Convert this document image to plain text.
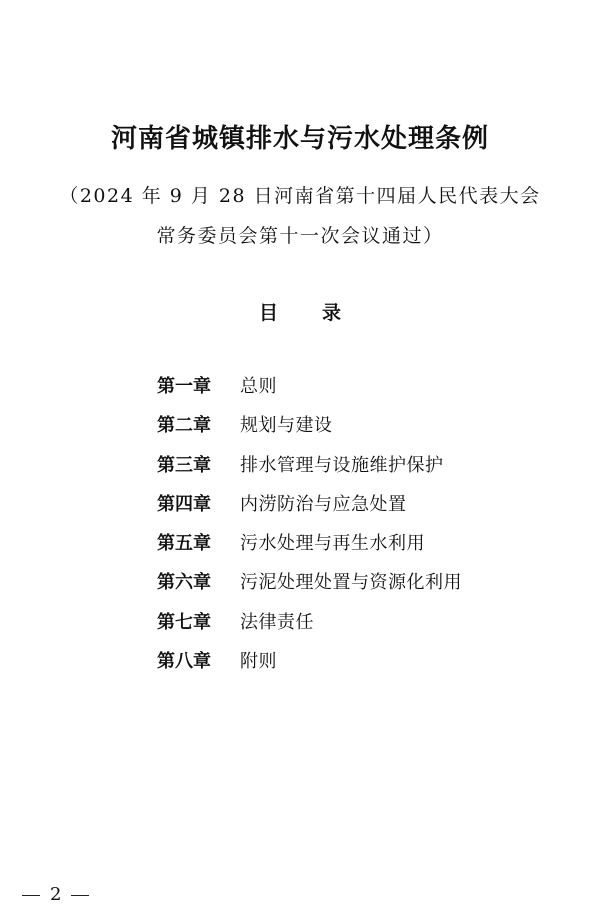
河南省城镇排水与污水处理条例

（2024 年 9 月 28 日河南省第十四届人民代表大会

常务委员会第十一次会议通过）

目 录
第一章 总则
第二章 规划与建设
第三章 排水管理与设施维护保护
第四章 内涝防治与应急处置
第五章 污水处理与再生水利用
第六章 污泥处理处置与资源化利用
第七章 法律责任
第八章 附则
2
